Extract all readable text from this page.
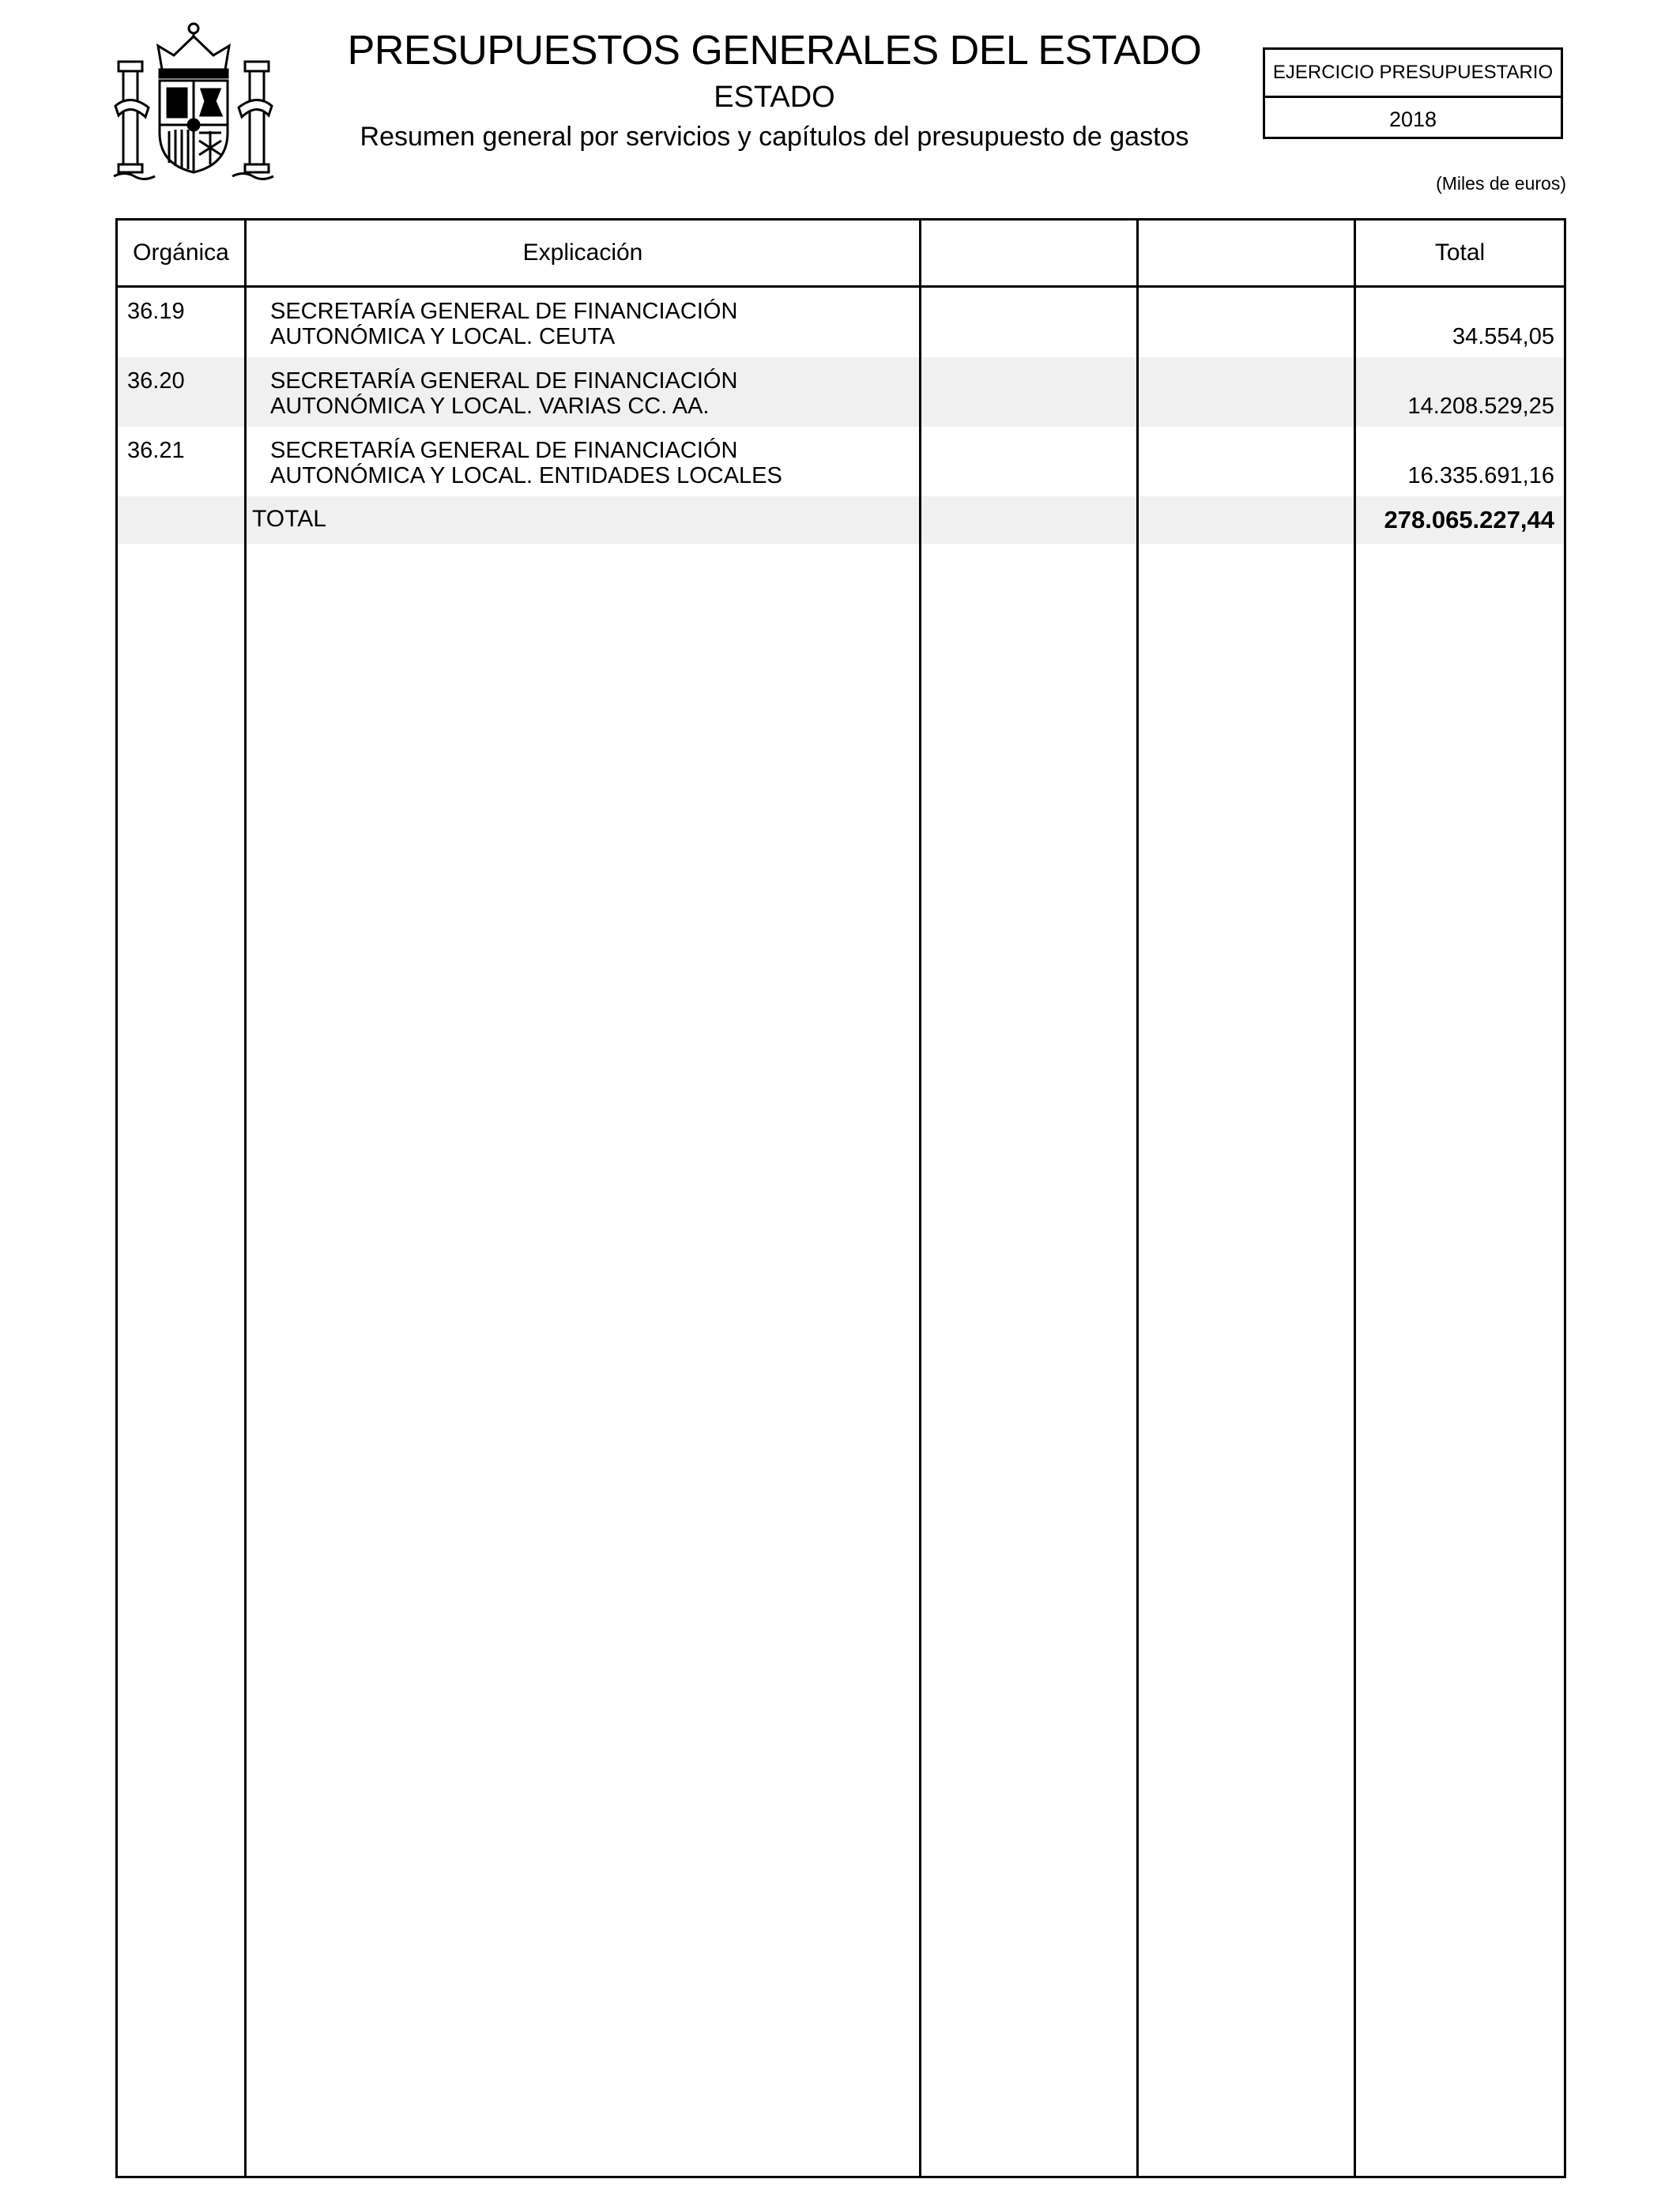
PRESUPUESTOS GENERALES DEL ESTADO
ESTADO
Resumen general por servicios y capítulos del presupuesto de gastos
EJERCICIO PRESUPUESTARIO
2018
(Miles de euros)
Orgánica	Explicación	Total
36.19	SECRETARÍA GENERAL DE FINANCIACIÓN
AUTONÓMICA Y LOCAL. CEUTA	34.554,05
36.20	SECRETARÍA GENERAL DE FINANCIACIÓN
AUTONÓMICA Y LOCAL. VARIAS CC. AA.	14.208.529,25
36.21	SECRETARÍA GENERAL DE FINANCIACIÓN
AUTONÓMICA Y LOCAL. ENTIDADES LOCALES	16.335.691,16
TOTAL	278.065.227,44
